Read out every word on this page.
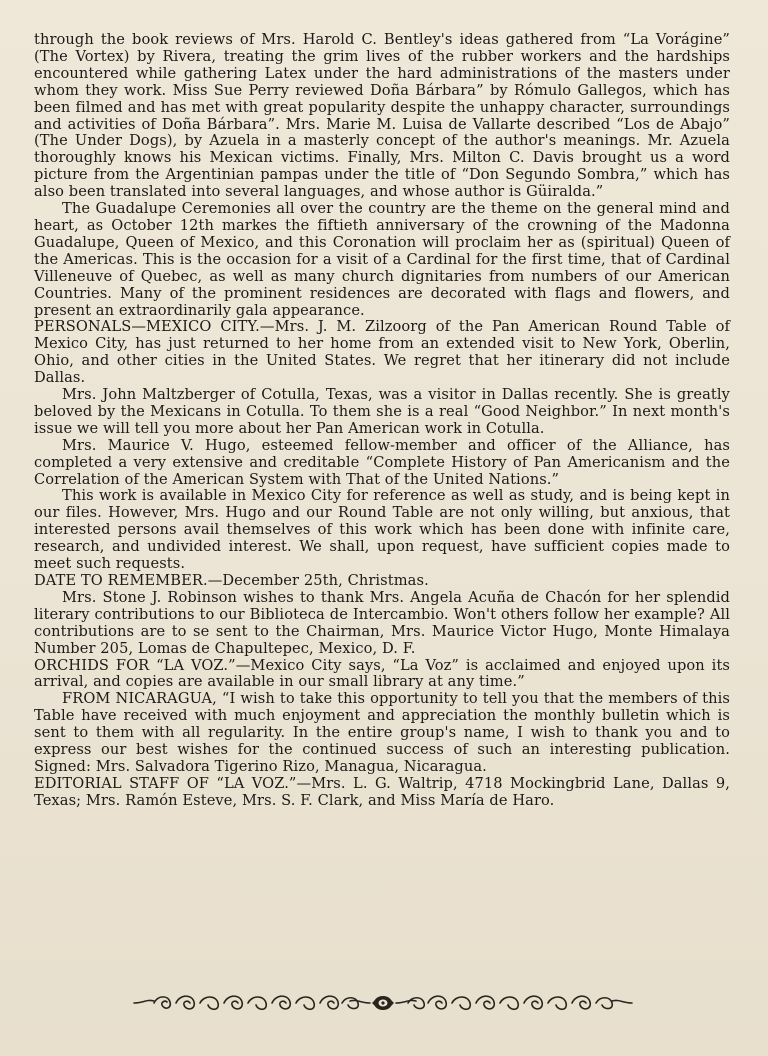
through the book reviews of Mrs. Harold C. Bentley's ideas gathered from “La Vorágine” (The Vortex) by Rivera, treating the grim lives of the rubber workers and the hardships encountered while gathering Latex under the hard administrations of the masters under whom they work. Miss Sue Perry reviewed Doña Bárbara” by Rómulo Gallegos, which has been filmed and has met with great popularity despite the unhappy character, surroundings and activities of Doña Bárbara”. Mrs. Marie M. Luisa de Vallarte described “Los de Abajo” (The Under Dogs), by Azuela in a masterly concept of the author's meanings. Mr. Azuela thoroughly knows his Mexican victims. Finally, Mrs. Milton C. Davis brought us a word picture from the Argentinian pampas under the title of “Don Segundo Sombra,” which has also been translated into several languages, and whose author is Güiralda.”

The Guadalupe Ceremonies all over the country are the theme on the general mind and heart, as October 12th markes the fiftieth anniversary of the crowning of the Madonna Guadalupe, Queen of Mexico, and this Coronation will proclaim her as (spiritual) Queen of the Americas. This is the occasion for a visit of a Cardinal for the first time, that of Cardinal Villeneuve of Quebec, as well as many church dignitaries from numbers of our American Countries. Many of the prominent residences are decorated with flags and flowers, and present an extraordinarily gala appearance.

PERSONALS—MEXICO CITY.—Mrs. J. M. Zilzoorg of the Pan American Round Table of Mexico City, has just returned to her home from an extended visit to New York, Oberlin, Ohio, and other cities in the United States. We regret that her itinerary did not include Dallas.

Mrs. John Maltzberger of Cotulla, Texas, was a visitor in Dallas recently. She is greatly beloved by the Mexicans in Cotulla. To them she is a real “Good Neighbor.” In next month's issue we will tell you more about her Pan American work in Cotulla.

Mrs. Maurice V. Hugo, esteemed fellow-member and officer of the Alliance, has completed a very extensive and creditable “Complete History of Pan Americanism and the Correlation of the American System with That of the United Nations.”

This work is available in Mexico City for reference as well as study, and is being kept in our files. However, Mrs. Hugo and our Round Table are not only willing, but anxious, that interested persons avail themselves of this work which has been done with infinite care, research, and undivided interest. We shall, upon request, have sufficient copies made to meet such requests.

DATE TO REMEMBER.—December 25th, Christmas.

Mrs. Stone J. Robinson wishes to thank Mrs. Angela Acuña de Chacón for her splendid literary contributions to our Biblioteca de Intercambio. Won't others follow her example? All contributions are to se sent to the Chairman, Mrs. Maurice Victor Hugo, Monte Himalaya Number 205, Lomas de Chapultepec, Mexico, D. F.

ORCHIDS FOR “LA VOZ.”—Mexico City says, “La Voz” is acclaimed and enjoyed upon its arrival, and copies are available in our small library at any time.”

FROM NICARAGUA, “I wish to take this opportunity to tell you that the members of this Table have received with much enjoyment and appreciation the monthly bulletin which is sent to them with all regularity. In the entire group's name, I wish to thank you and to express our best wishes for the continued success of such an interesting publication. Signed: Mrs. Salvadora Tigerino Rizo, Managua, Nicaragua.

EDITORIAL STAFF OF “LA VOZ.”—Mrs. L. G. Waltrip, 4718 Mockingbrid Lane, Dallas 9, Texas; Mrs. Ramón Esteve, Mrs. S. F. Clark, and Miss María de Haro.
